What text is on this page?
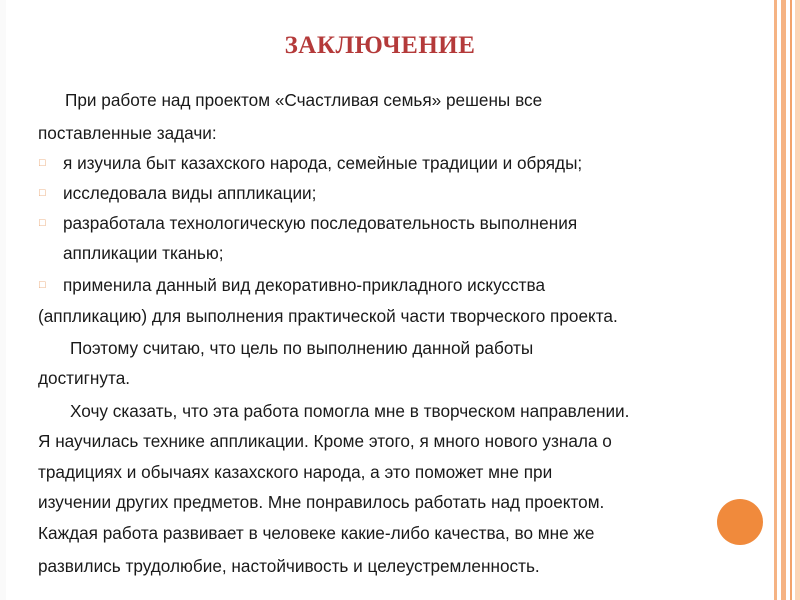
ЗАКЛЮЧЕНИЕ
При работе над проектом «Счастливая семья» решены все
поставленные задачи:
□ я изучила быт казахского народа, семейные традиции и обряды;
□ исследовала виды аппликации;
□ разработала технологическую последовательность выполнения
аппликации тканью;
□ применила данный вид декоративно-прикладного искусства
(аппликацию) для выполнения практической части творческого проекта.
Поэтому считаю, что цель по выполнению данной работы
достигнута.
Хочу сказать, что эта работа помогла мне в творческом направлении.
Я научилась технике аппликации. Кроме этого, я много нового узнала о
традициях и обычаях казахского народа, а это поможет мне при
изучении других предметов. Мне понравилось работать над проектом.
Каждая работа развивает в человеке какие-либо качества, во мне же
развились трудолюбие, настойчивость и целеустремленность.
